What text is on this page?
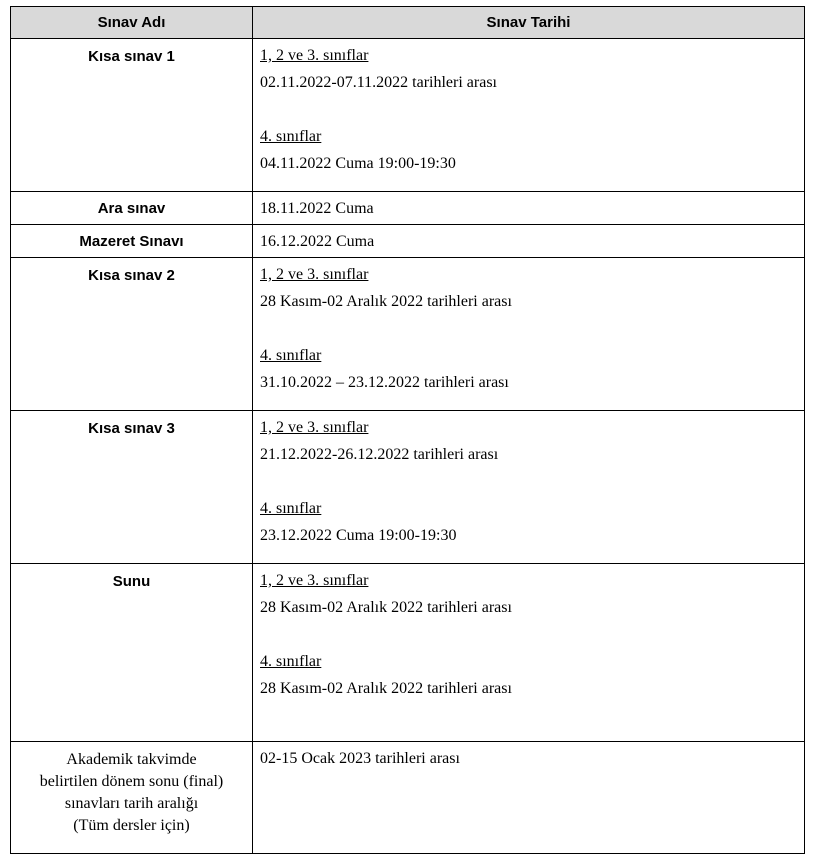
Sınav Adı	Sınav Tarihi
Kısa sınav 1	1, 2 ve 3. sınıflar
02.11.2022-07.11.2022 tarihleri arası
4. sınıflar
04.11.2022 Cuma 19:00-19:30

Ara sınav	18.11.2022 Cuma

Mazeret Sınavı	16.12.2022 Cuma

Kısa sınav 2	1, 2 ve 3. sınıflar
28 Kasım-02 Aralık 2022 tarihleri arası
4. sınıflar
31.10.2022 – 23.12.2022 tarihleri arası

Kısa sınav 3	1, 2 ve 3. sınıflar
21.12.2022-26.12.2022 tarihleri arası
4. sınıflar
23.12.2022 Cuma 19:00-19:30

Sunu	1, 2 ve 3. sınıflar
28 Kasım-02 Aralık 2022 tarihleri arası
4. sınıflar
28 Kasım-02 Aralık 2022 tarihleri arası

Akademik takvimde
belirtilen dönem sonu (final)
sınavları tarih aralığı
(Tüm dersler için)	02-15 Ocak 2023 tarihleri arası
